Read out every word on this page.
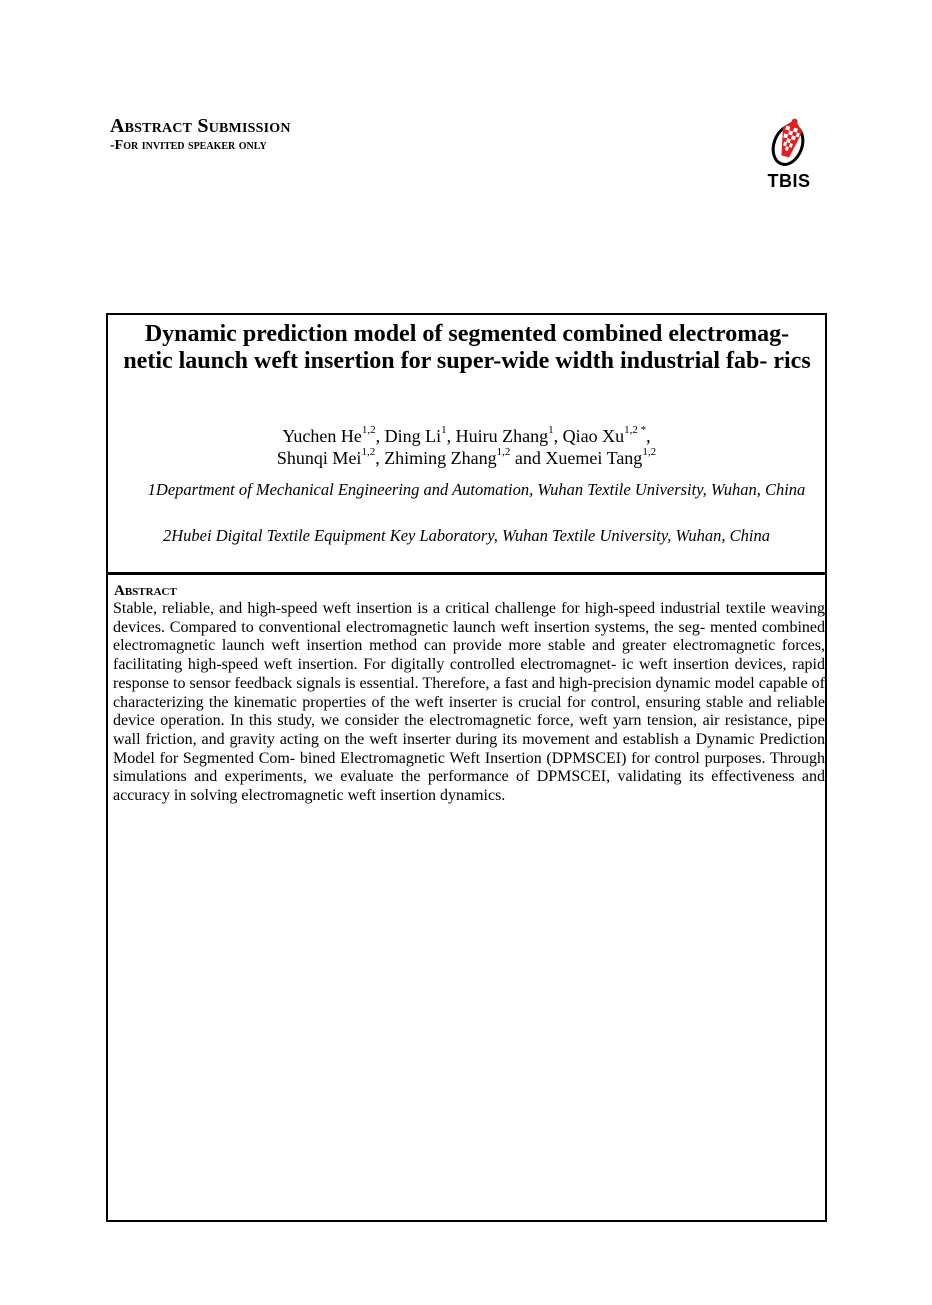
Abstract Submission
-For invited speaker only
TBIS
Dynamic prediction model of segmented combined electromag- netic launch weft insertion for super-wide width industrial fab- rics
Yuchen He$^{1,2}$, Ding Li$^1$, Huiru Zhang$^1$, Qiao $Xu^{1,2 *}$,
Shunqi Mei$^{1,2}$, Zhiming Zhang$^{1,2}$ and Xuemei Tang$^{1,2}$
1Department of Mechanical Engineering and Automation, Wuhan Textile University, Wuhan, China
2Hubei Digital Textile Equipment Key Laboratory, Wuhan Textile University, Wuhan, China
Abstract

Stable, reliable, and high-speed weft insertion is a critical challenge for high-speed industrial textile weaving devices. Compared to conventional electromagnetic launch weft insertion systems, the seg- mented combined electromagnetic launch weft insertion method can provide more stable and greater electromagnetic forces, facilitating high-speed weft insertion. For digitally controlled electromagnet- ic weft insertion devices, rapid response to sensor feedback signals is essential. Therefore, a fast and high-precision dynamic model capable of characterizing the kinematic properties of the weft inserter is crucial for control, ensuring stable and reliable device operation. In this study, we consider the electromagnetic force, weft yarn tension, air resistance, pipe wall friction, and gravity acting on the weft inserter during its movement and establish a Dynamic Prediction Model for Segmented Com- bined Electromagnetic Weft Insertion (DPMSCEI) for control purposes. Through simulations and experiments, we evaluate the performance of DPMSCEI, validating its effectiveness and accuracy in solving electromagnetic weft insertion dynamics.
